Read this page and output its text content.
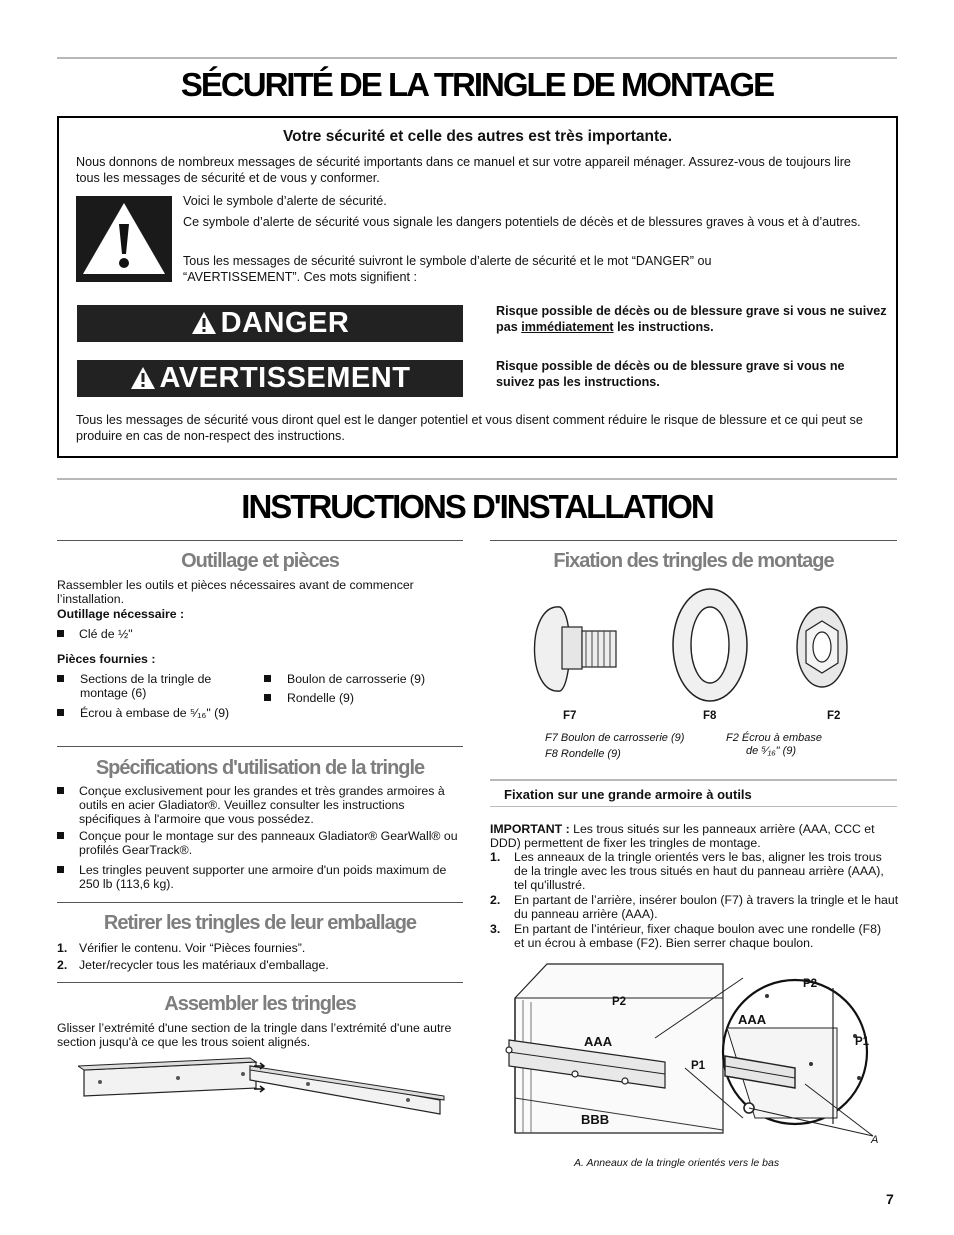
SÉCURITÉ DE LA TRINGLE DE MONTAGE
Votre sécurité et celle des autres est très importante.
Nous donnons de nombreux messages de sécurité importants dans ce manuel et sur votre appareil ménager. Assurez-vous de toujours lire tous les messages de sécurité et de vous y conformer.
Voici le symbole d’alerte de sécurité.
Ce symbole d’alerte de sécurité vous signale les dangers potentiels de décès et de blessures graves à vous et à d’autres.
Tous les messages de sécurité suivront le symbole d’alerte de sécurité et le mot “DANGER” ou “AVERTISSEMENT”. Ces mots signifient :
DANGER	Risque possible de décès ou de blessure grave si vous ne suivez pas immédiatement les instructions.
AVERTISSEMENT	Risque possible de décès ou de blessure grave si vous ne suivez pas les instructions.
Tous les messages de sécurité vous diront quel est le danger potentiel et vous disent comment réduire le risque de blessure et ce qui peut se produire en cas de non-respect des instructions.
INSTRUCTIONS D'INSTALLATION
Outillage et pièces
Rassembler les outils et pièces nécessaires avant de commencer l’installation.
Outillage nécessaire :
Clé de ½"
Pièces fournies :
Sections de la tringle de montage (6)
Écrou à embase de ⁵⁄₁₆" (9)
Boulon de carrosserie (9)
Rondelle (9)
Spécifications d'utilisation de la tringle
Conçue exclusivement pour les grandes et très grandes armoires à outils en acier Gladiator®. Veuillez consulter les instructions spécifiques à l'armoire que vous possédez.
Conçue pour le montage sur des panneaux Gladiator® GearWall® ou profilés GearTrack®.
Les tringles peuvent supporter une armoire d'un poids maximum de 250 lb (113,6 kg).
Retirer les tringles de leur emballage
1. Vérifier le contenu. Voir “Pièces fournies”.
2. Jeter/recycler tous les matériaux d'emballage.
Assembler les tringles
Glisser l’extrémité d'une section de la tringle dans l’extrémité d'une autre section jusqu'à ce que les trous soient alignés.
Fixation des tringles de montage
F7	F8	F2
F7 Boulon de carrosserie (9)
F8 Rondelle (9)
F2 Écrou à embase
de ⁵⁄₁₆" (9)
Fixation sur une grande armoire à outils
IMPORTANT : Les trous situés sur les panneaux arrière (AAA, CCC et DDD) permettent de fixer les tringles de montage.
1. Les anneaux de la tringle orientés vers le bas, aligner les trois trous de la tringle avec les trous situés en haut du panneau arrière (AAA), tel qu'illustré.
2. En partant de l’arrière, insérer boulon (F7) à travers la tringle et le haut du panneau arrière (AAA).
3. En partant de l’intérieur, fixer chaque boulon avec une rondelle (F8) et un écrou à embase (F2). Bien serrer chaque boulon.
P2
AAA
BBB
P2
AAA
P1
P1
A
A. Anneaux de la tringle orientés vers le bas
7
